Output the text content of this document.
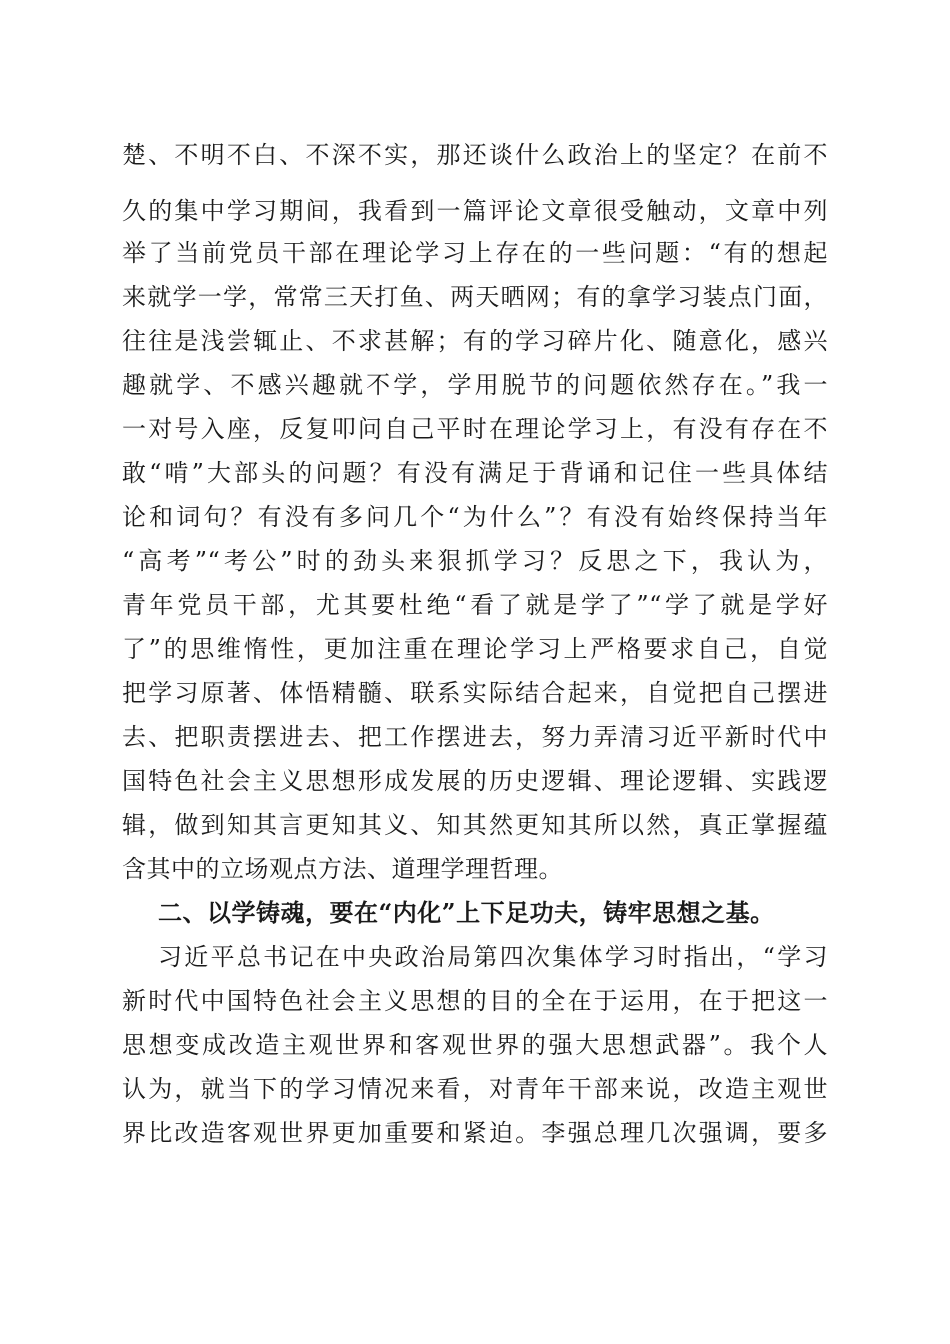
楚、不明不白、不深不实，那还谈什么政治上的坚定？在前不
久的集中学习期间，我看到一篇评论文章很受触动，文章中列
举了当前党员干部在理论学习上存在的一些问题：“有的想起
来就学一学，常常三天打鱼、两天晒网；有的拿学习装点门面，
往往是浅尝辄止、不求甚解；有的学习碎片化、随意化，感兴
趣就学、不感兴趣就不学，学用脱节的问题依然存在。”我一
一对号入座，反复叩问自己平时在理论学习上，有没有存在不
敢“啃”大部头的问题？有没有满足于背诵和记住一些具体结
论和词句？有没有多问几个“为什么”？有没有始终保持当年
“高考”“考公”时的劲头来狠抓学习？反思之下，我认为，
青年党员干部，尤其要杜绝“看了就是学了”“学了就是学好
了”的思维惰性，更加注重在理论学习上严格要求自己，自觉
把学习原著、体悟精髓、联系实际结合起来，自觉把自己摆进
去、把职责摆进去、把工作摆进去，努力弄清习近平新时代中
国特色社会主义思想形成发展的历史逻辑、理论逻辑、实践逻
辑，做到知其言更知其义、知其然更知其所以然，真正掌握蕴
含其中的立场观点方法、道理学理哲理。
二、以学铸魂，要在“内化”上下足功夫，铸牢思想之基。
习近平总书记在中央政治局第四次集体学习时指出，“学习
新时代中国特色社会主义思想的目的全在于运用，在于把这一
思想变成改造主观世界和客观世界的强大思想武器”。我个人
认为，就当下的学习情况来看，对青年干部来说，改造主观世
界比改造客观世界更加重要和紧迫。李强总理几次强调，要多
